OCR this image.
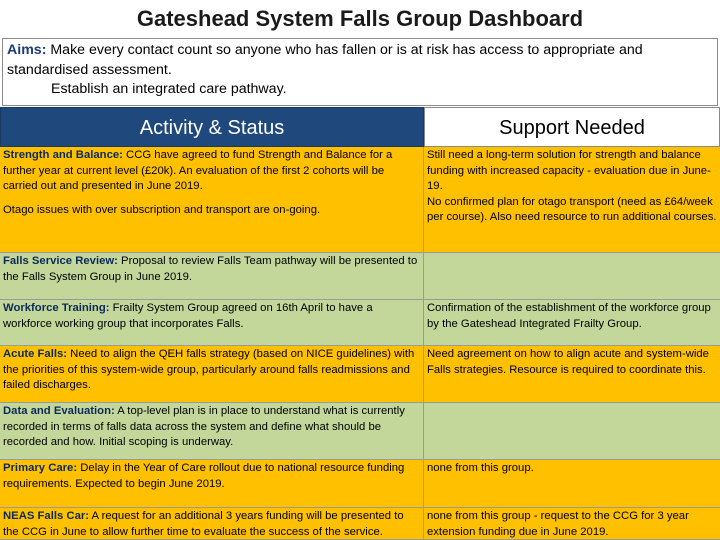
Gateshead System Falls Group Dashboard
Aims: Make every contact count so anyone who has fallen or is at risk has access to appropriate and standardised assessment.
Establish an integrated care pathway.
Activity & Status	Support Needed

Strength and Balance: CCG have agreed to fund Strength and Balance for a further year at current level (£20k). An evaluation of the first 2 cohorts will be carried out and presented in June 2019.

Otago issues with over subscription and transport are on-going.

Still need a long-term solution for strength and balance funding with increased capacity - evaluation due in June-19.

No confirmed plan for otago transport (need as £64/week per course). Also need resource to run additional courses.

Falls Service Review: Proposal to review Falls Team pathway will be presented to the Falls System Group in June 2019.

Workforce Training: Frailty System Group agreed on 16th April to have a workforce working group that incorporates Falls.

Confirmation of the establishment of the workforce group by the Gateshead Integrated Frailty Group.

Acute Falls: Need to align the QEH falls strategy (based on NICE guidelines) with the priorities of this system-wide group, particularly around falls readmissions and failed discharges.

Need agreement on how to align acute and system-wide Falls strategies. Resource is required to coordinate this.

Data and Evaluation: A top-level plan is in place to understand what is currently recorded in terms of falls data across the system and define what should be recorded and how. Initial scoping is underway.

Primary Care: Delay in the Year of Care rollout due to national resource funding requirements. Expected to begin June 2019.

none from this group.

NEAS Falls Car: A request for an additional 3 years funding will be presented to the CCG in June to allow further time to evaluate the success of the service.

none from this group - request to the CCG for 3 year extension funding due in June 2019.
